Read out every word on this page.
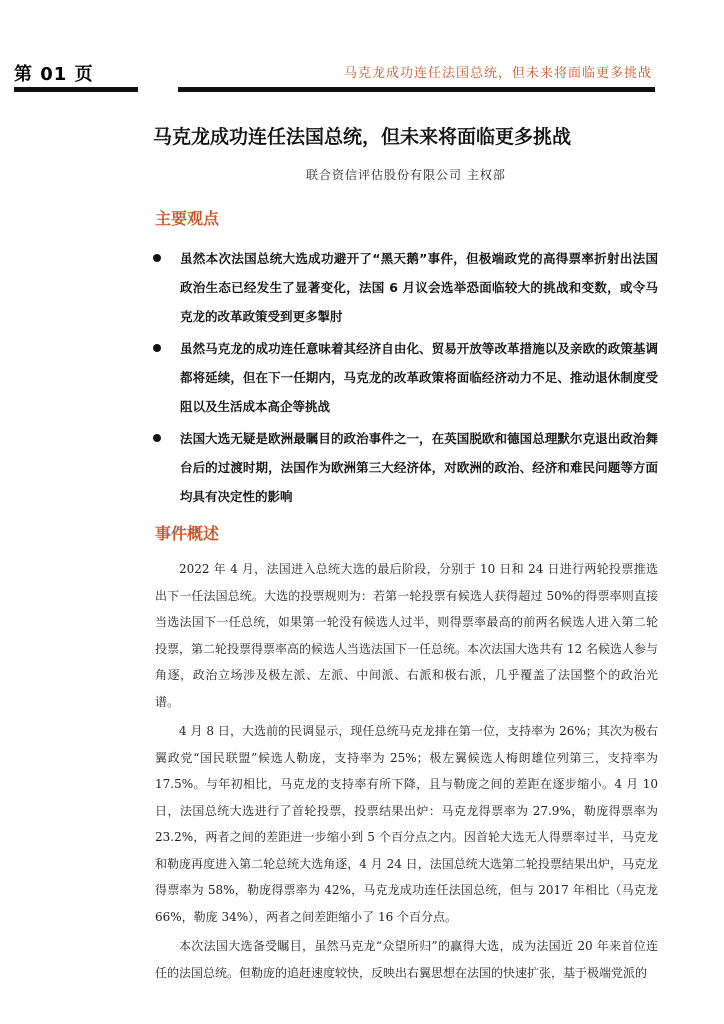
第 01 页	马克龙成功连任法国总统，但未来将面临更多挑战
马克龙成功连任法国总统，但未来将面临更多挑战
联合资信评估股份有限公司 主权部
主要观点
虽然本次法国总统大选成功避开了“黑天鹅”事件，但极端政党的高得票率折射出法国政治生态已经发生了显著变化，法国 6 月议会选举恐面临较大的挑战和变数，或令马克龙的改革政策受到更多掣肘
虽然马克龙的成功连任意味着其经济自由化、贸易开放等改革措施以及亲欧的政策基调都将延续，但在下一任期内，马克龙的改革政策将面临经济动力不足、推动退休制度受阻以及生活成本高企等挑战
法国大选无疑是欧洲最瞩目的政治事件之一，在英国脱欧和德国总理默尔克退出政治舞台后的过渡时期，法国作为欧洲第三大经济体，对欧洲的政治、经济和难民问题等方面均具有决定性的影响
事件概述

2022 年 4 月，法国进入总统大选的最后阶段，分别于 10 日和 24 日进行两轮投票推选出下一任法国总统。大选的投票规则为：若第一轮投票有候选人获得超过 50%的得票率则直接当选法国下一任总统，如果第一轮没有候选人过半，则得票率最高的前两名候选人进入第二轮投票，第二轮投票得票率高的候选人当选法国下一任总统。本次法国大选共有 12 名候选人参与角逐，政治立场涉及极左派、左派、中间派、右派和极右派，几乎覆盖了法国整个的政治光谱。

4 月 8 日，大选前的民调显示，现任总统马克龙排在第一位，支持率为 26%；其次为极右翼政党“国民联盟”候选人勒庞，支持率为 25%；极左翼候选人梅朗雄位列第三，支持率为 17.5%。与年初相比，马克龙的支持率有所下降，且与勒庞之间的差距在逐步缩小。4 月 10 日，法国总统大选进行了首轮投票，投票结果出炉：马克龙得票率为 27.9%，勒庞得票率为 23.2%，两者之间的差距进一步缩小到 5 个百分点之内。因首轮大选无人得票率过半，马克龙和勒庞再度进入第二轮总统大选角逐，4 月 24 日，法国总统大选第二轮投票结果出炉，马克龙得票率为 58%，勒庞得票率为 42%，马克龙成功连任法国总统，但与 2017 年相比（马克龙 66%，勒庞 34%），两者之间差距缩小了 16 个百分点。

本次法国大选备受瞩目，虽然马克龙“众望所归”的赢得大选，成为法国近 20 年来首位连任的法国总统。但勒庞的追赶速度较快，反映出右翼思想在法国的快速扩张，基于极端党派的
